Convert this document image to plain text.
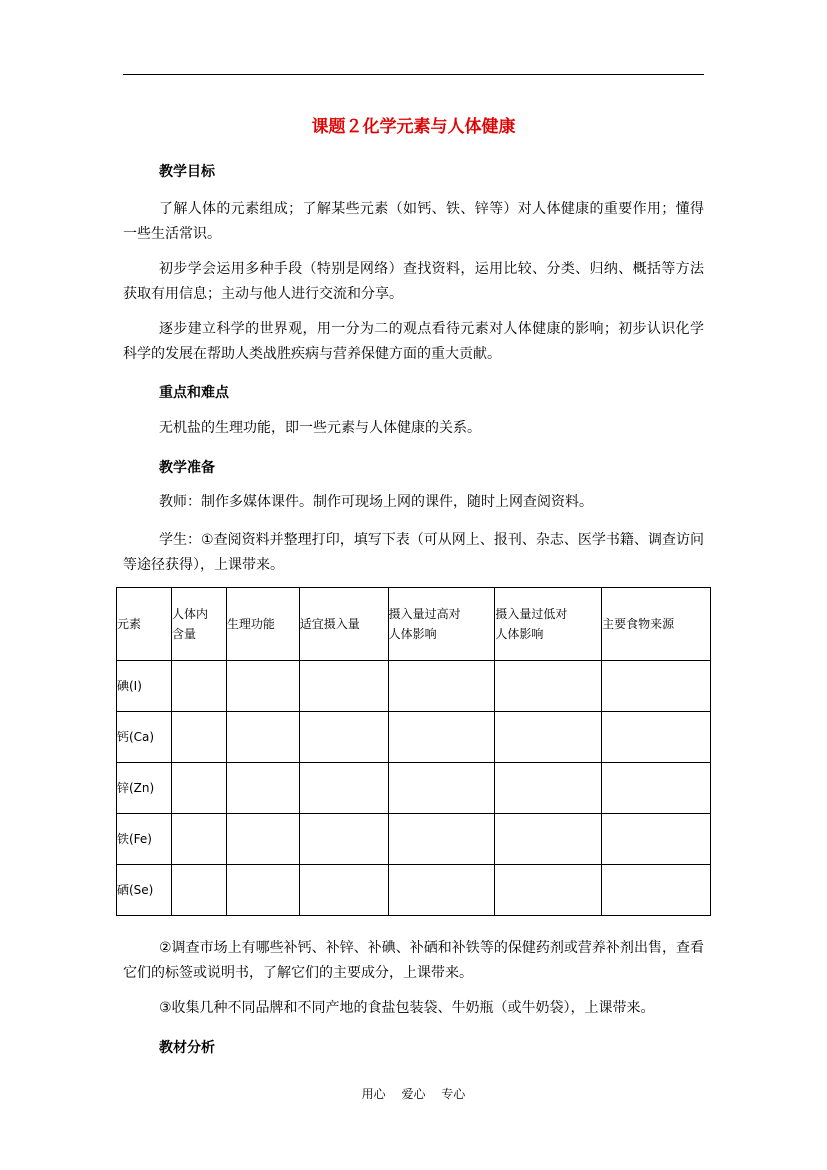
课题２化学元素与人体健康

教学目标

了解人体的元素组成；了解某些元素（如钙、铁、锌等）对人体健康的重要作用；懂得一些生活常识。

初步学会运用多种手段（特别是网络）查找资料，运用比较、分类、归纳、概括等方法获取有用信息；主动与他人进行交流和分享。

逐步建立科学的世界观，用一分为二的观点看待元素对人体健康的影响；初步认识化学科学的发展在帮助人类战胜疾病与营养保健方面的重大贡献。

重点和难点

无机盐的生理功能，即一些元素与人体健康的关系。

教学准备

教师：制作多媒体课件。制作可现场上网的课件，随时上网查阅资料。

学生：①查阅资料并整理打印，填写下表（可从网上、报刊、杂志、医学书籍、调查访问等途径获得），上课带来。

元素	人体内
含量	生理功能	适宜摄入量	摄入量过高对
人体影响	摄入量过低对
人体影响	主要食物来源
碘(I)						
钙(Ca)						
锌(Zn)						
铁(Fe)						
硒(Se)						

②调查市场上有哪些补钙、补锌、补碘、补硒和补铁等的保健药剂或营养补剂出售，查看它们的标签或说明书，了解它们的主要成分，上课带来。

③收集几种不同品牌和不同产地的食盐包装袋、牛奶瓶（或牛奶袋），上课带来。

教材分析

用心 爱心 专心
